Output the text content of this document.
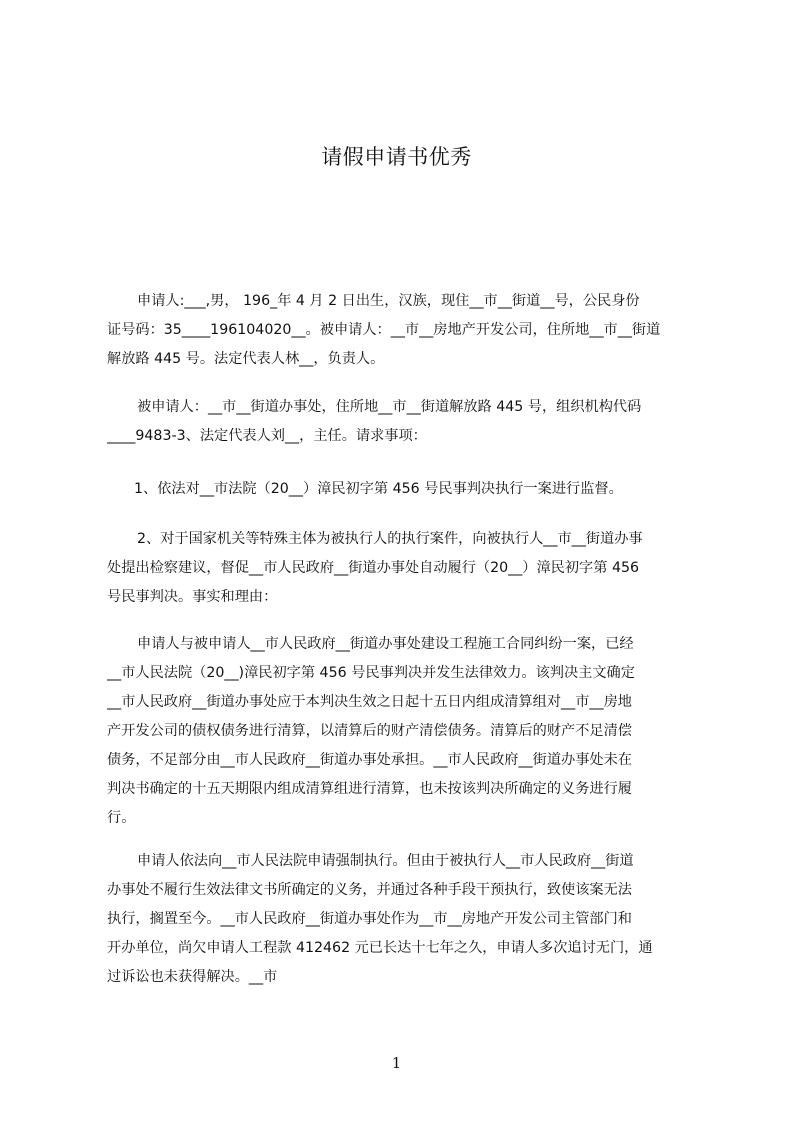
请假申请书优秀
申请人:___,男， 196_年 4 月 2 日出生，汉族，现住__市__街道__号，公民身份
证号码：35____196104020__。被申请人：__市__房地产开发公司，住所地__市__街道
解放路 445 号。法定代表人林__，负责人。
被申请人：__市__街道办事处，住所地__市__街道解放路 445 号，组织机构代码
____9483-3、法定代表人刘__，主任。请求事项：
1、依法对__市法院（20__）漳民初字第 456 号民事判决执行一案进行监督。
2、对于国家机关等特殊主体为被执行人的执行案件，向被执行人__市__街道办事
处提出检察建议，督促__市人民政府__街道办事处自动履行（20__）漳民初字第 456
号民事判决。事实和理由：
申请人与被申请人__市人民政府__街道办事处建设工程施工合同纠纷一案，已经
__市人民法院（20__)漳民初字第 456 号民事判决并发生法律效力。该判决主文确定
__市人民政府__街道办事处应于本判决生效之日起十五日内组成清算组对__市__房地
产开发公司的债权债务进行清算，以清算后的财产清偿债务。清算后的财产不足清偿
债务，不足部分由__市人民政府__街道办事处承担。__市人民政府__街道办事处未在
判决书确定的十五天期限内组成清算组进行清算，也未按该判决所确定的义务进行履
行。
申请人依法向__市人民法院申请强制执行。但由于被执行人__市人民政府__街道
办事处不履行生效法律文书所确定的义务，并通过各种手段干预执行，致使该案无法
执行，搁置至今。__市人民政府__街道办事处作为__市__房地产开发公司主管部门和
开办单位，尚欠申请人工程款 412462 元已长达十七年之久，申请人多次追讨无门，通
过诉讼也未获得解决。__市
1
